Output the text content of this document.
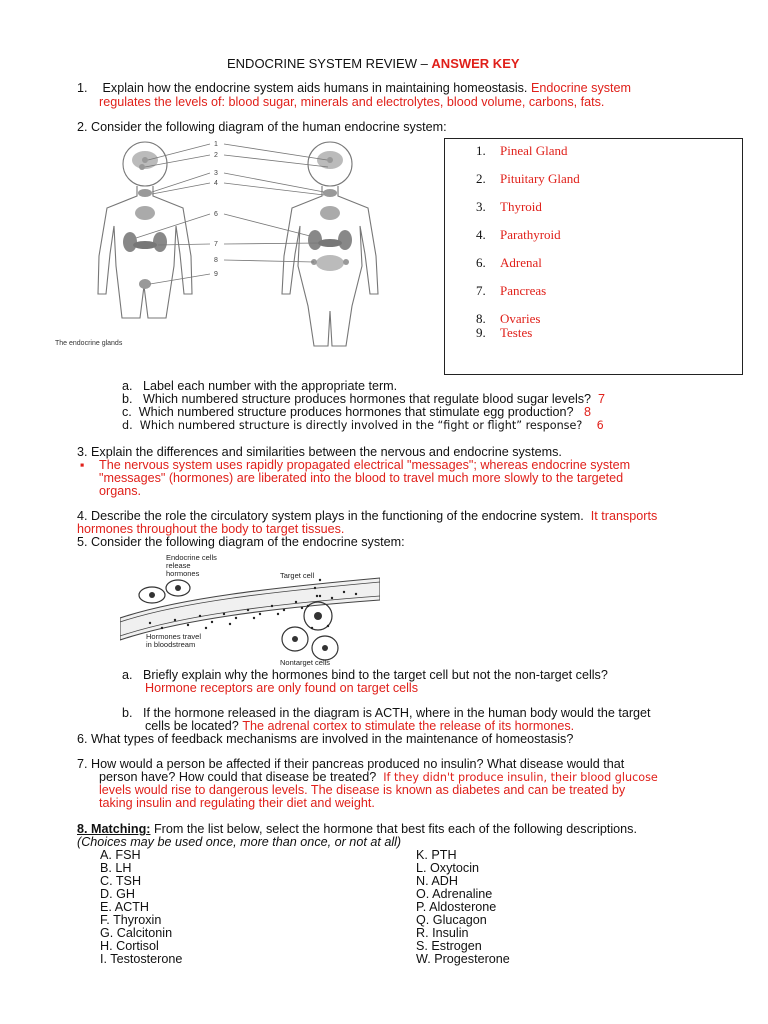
ENDOCRINE SYSTEM REVIEW – ANSWER KEY
1. Explain how the endocrine system aids humans in maintaining homeostasis. Endocrine system
regulates the levels of: blood sugar, minerals and electrolytes, blood volume, carbons, fats.
2. Consider the following diagram of the human endocrine system:
1
2
3
4
6
7
8
9
The endocrine glands
1. Pineal Gland
2. Pituitary Gland
3. Thyroid
4. Parathyroid
6. Adrenal
7. Pancreas
8. Ovaries
9. Testes
a. Label each number with the appropriate term.
b. Which numbered structure produces hormones that regulate blood sugar levels? 7
c. Which numbered structure produces hormones that stimulate egg production? 8
d. Which numbered structure is directly involved in the “fight or flight” response? 6
3. Explain the differences and similarities between the nervous and endocrine systems.
▪ The nervous system uses rapidly propagated electrical "messages"; whereas endocrine system
"messages" (hormones) are liberated into the blood to travel much more slowly to the targeted
organs.
4. Describe the role the circulatory system plays in the functioning of the endocrine system. It transports
hormones throughout the body to target tissues.
5. Consider the following diagram of the endocrine system:
Endocrine cells
release
hormones	Target cell
Hormones travel
in bloodstream
Nontarget cells
a. Briefly explain why the hormones bind to the target cell but not the non-target cells?
Hormone receptors are only found on target cells
b. If the hormone released in the diagram is ACTH, where in the human body would the target
cells be located? The adrenal cortex to stimulate the release of its hormones.
6. What types of feedback mechanisms are involved in the maintenance of homeostasis?
7. How would a person be affected if their pancreas produced no insulin? What disease would that
person have? How could that disease be treated? If they didn't produce insulin, their blood glucose
levels would rise to dangerous levels. The disease is known as diabetes and can be treated by
taking insulin and regulating their diet and weight.
8. Matching: From the list below, select the hormone that best fits each of the following descriptions.
(Choices may be used once, more than once, or not at all)
A. FSH
B. LH
C. TSH
D. GH
E. ACTH
F. Thyroxin
G. Calcitonin
H. Cortisol
I. Testosterone
K. PTH
L. Oxytocin
N. ADH
O. Adrenaline
P. Aldosterone
Q. Glucagon
R. Insulin
S. Estrogen
W. Progesterone
